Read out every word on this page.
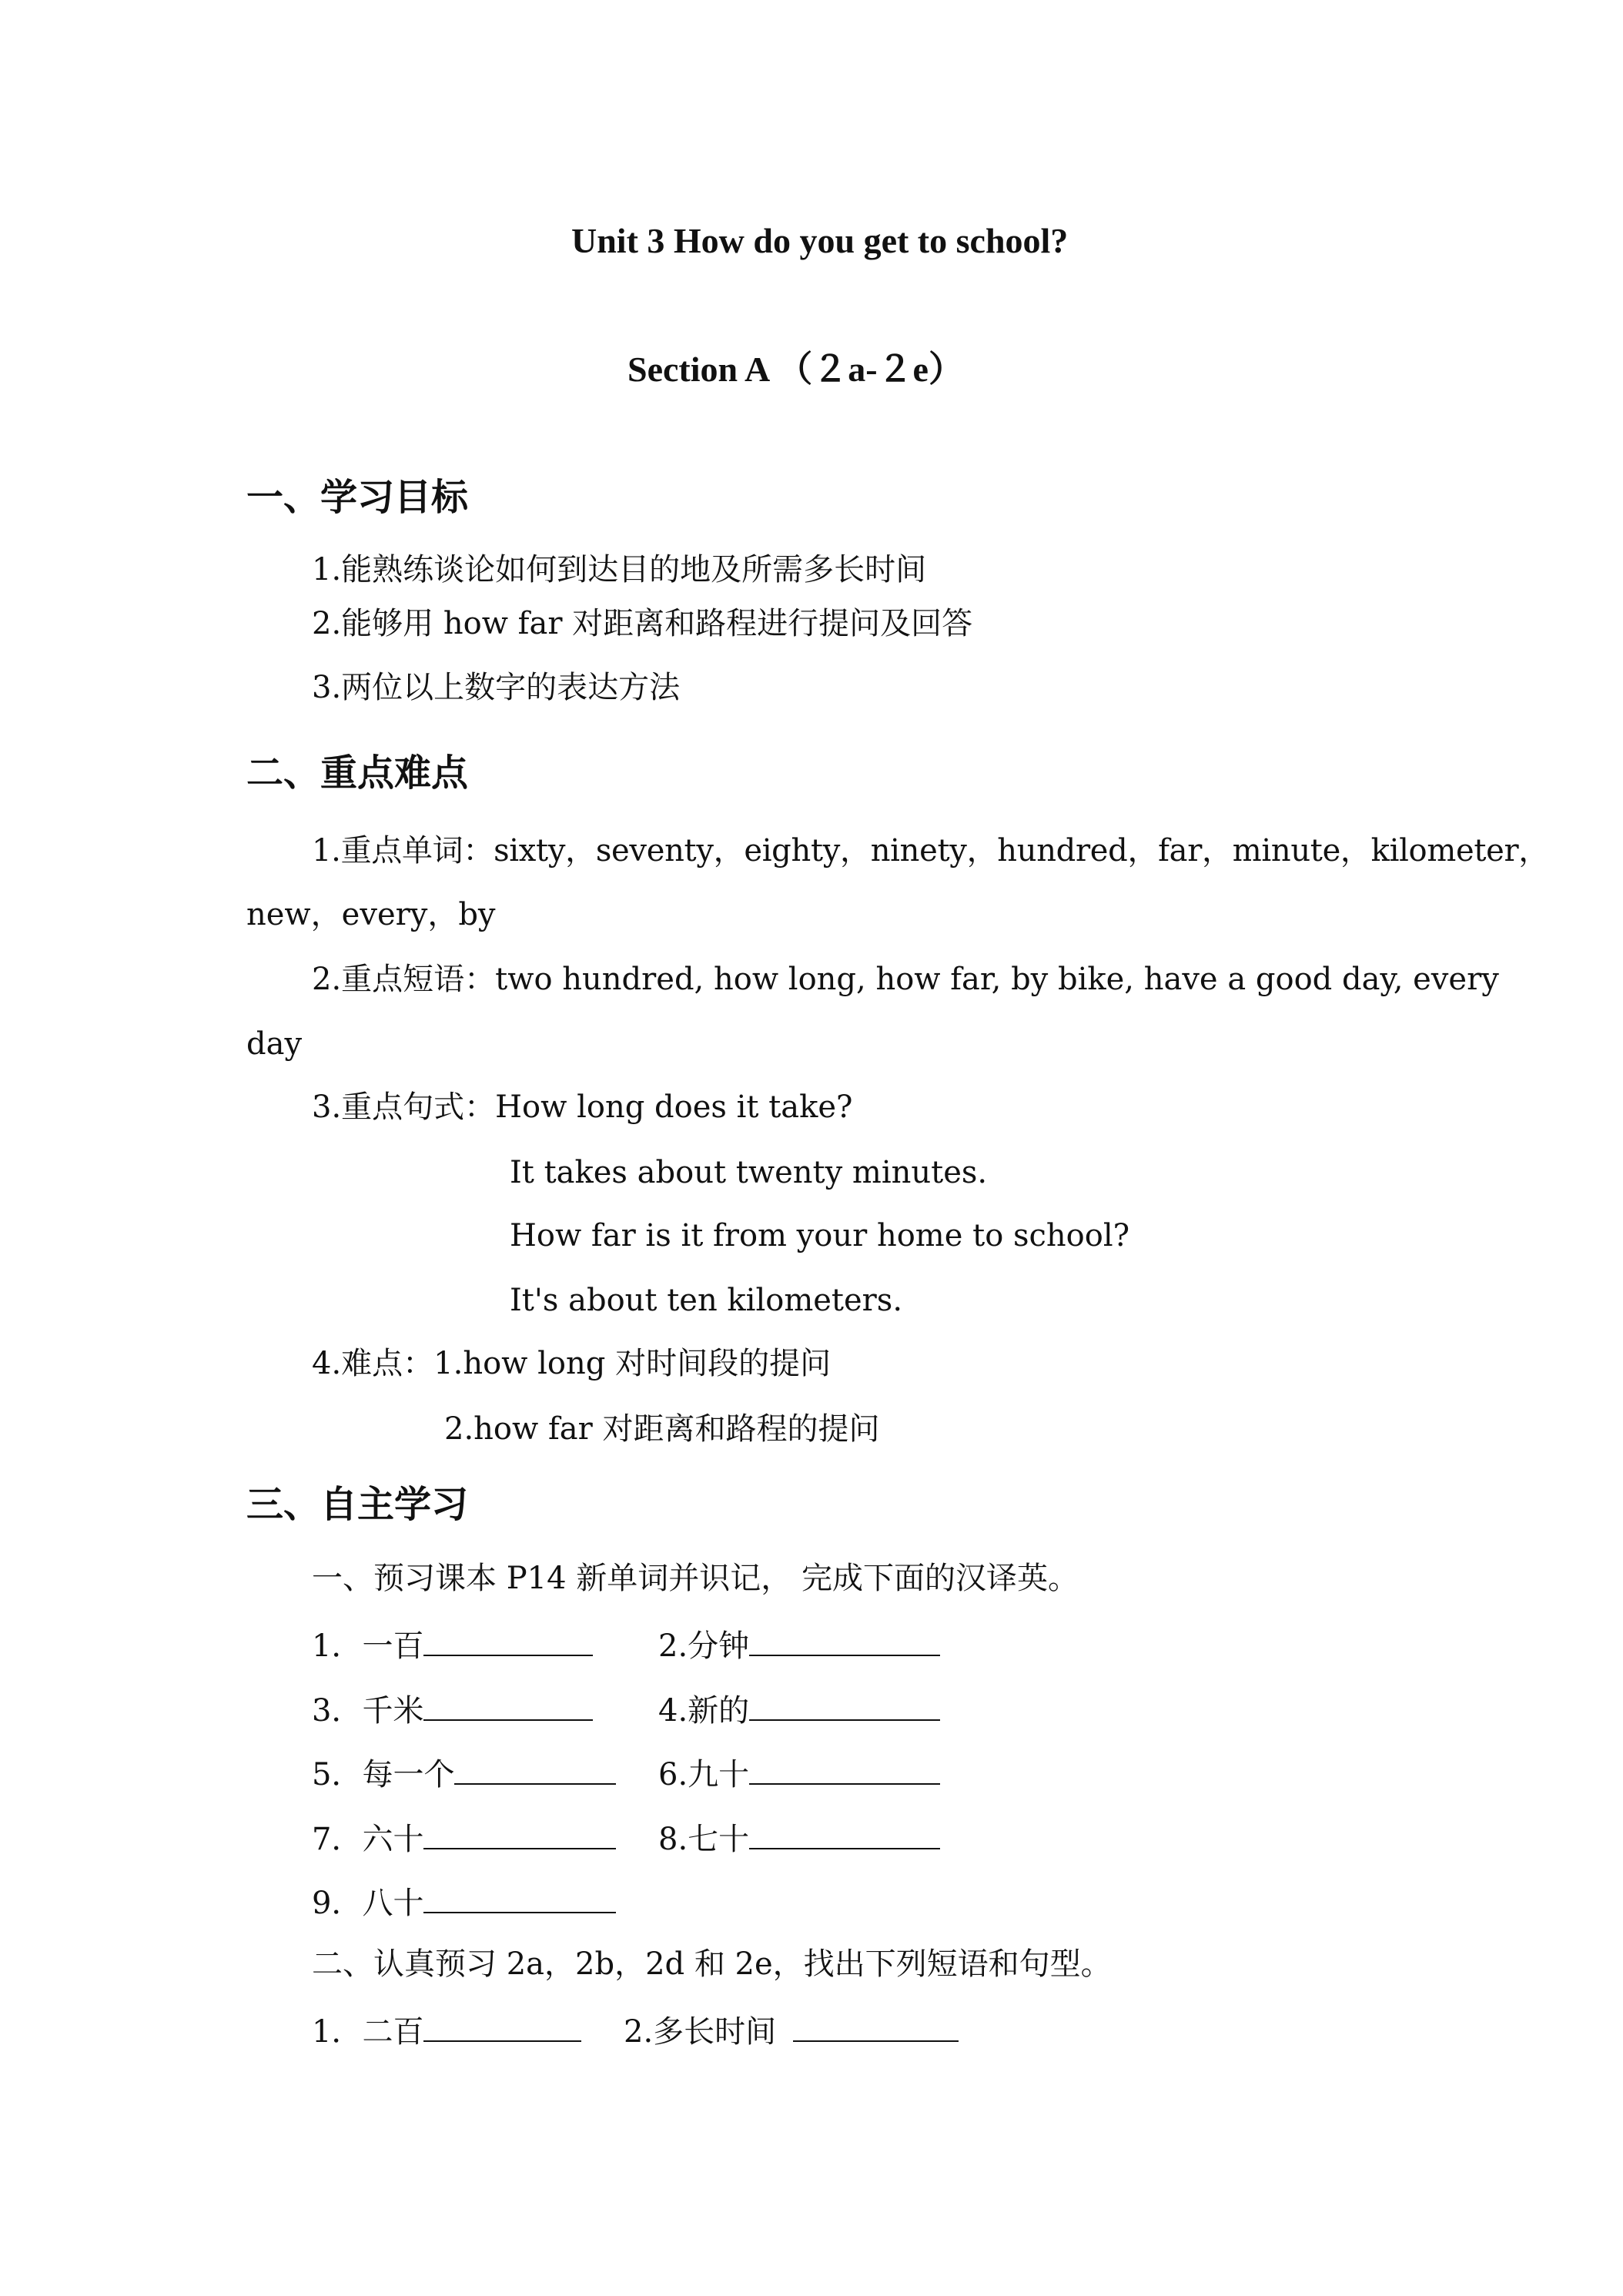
Unit 3 How do you get to school?
Section A （２a-２e）
一、学习目标
1.能熟练谈论如何到达目的地及所需多长时间
2.能够用 how far 对距离和路程进行提问及回答
3.两位以上数字的表达方法
二、重点难点
1.重点单词：sixty，seventy，eighty，ninety，hundred，far，minute，kilometer，
new，every，by
2.重点短语：two hundred, how long, how far, by bike, have a good day, every
day
3.重点句式：How long does it take?
It takes about twenty minutes.
How far is it from your home to school?
It's about ten kilometers.
4.难点：1.how long 对时间段的提问
2.how far 对距离和路程的提问
三、自主学习
一、预习课本 P14 新单词并识记， 完成下面的汉译英。
1．一百	2.分钟
3．千米	4.新的
5．每一个	6.九十
7．六十	8.七十
9．八十
二、认真预习 2a，2b，2d 和 2e，找出下列短语和句型。
1．二百	2.多长时间
